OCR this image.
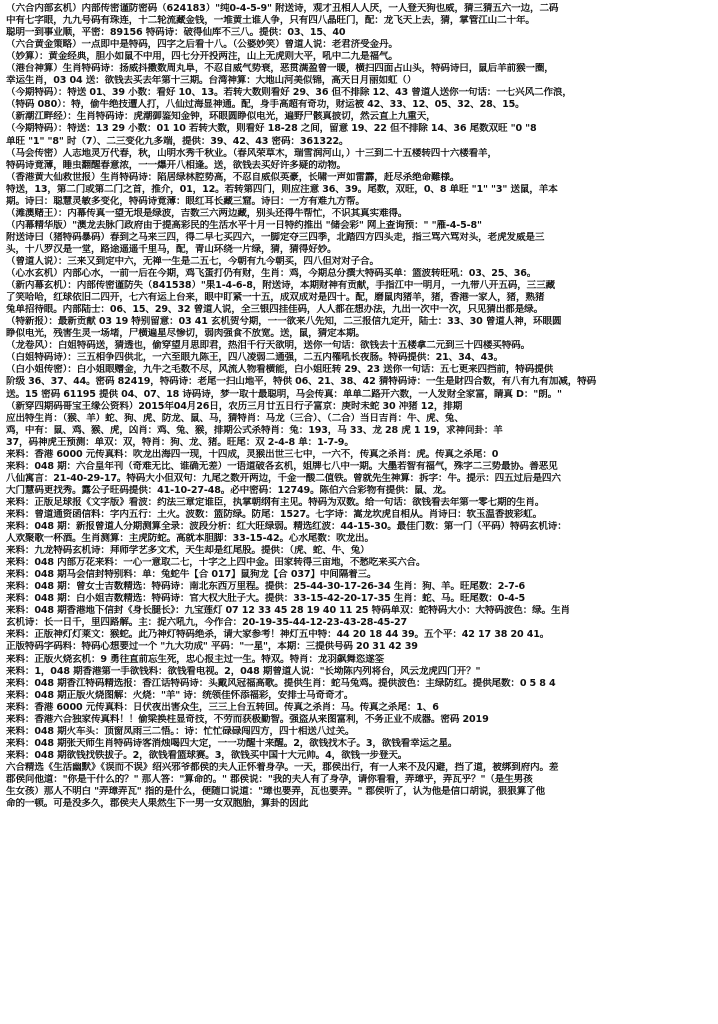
（六合内部玄机）内部传密谨防密码（624183）"纯0-4-5-9" 附送诗，观才丑相人人厌，一人登天狗也威，猜三猜五六一边，二码
中有七字眼，九九号码有珠连，十二轮流藏金钱，一堆黄土谁人争，只有四八晶旺门，配：龙飞天上去，猜，掌管江山二十年。
聪明一到事业顺，平密：89156 特码诗：破得仙库不三八。提供：03、15、40
（六合黄金策略）一点即中是特码，四字之后看十八。（公婆妙笑）曾道人说：老君济受金丹。
（妙算）：黄金经典，胆小如鼠不中用，四七分开投两注，山上无虎则大平，吼中二九是福气。
（港台神算）生肖特码诗：扬威抖擞数周丸阜，不忍自威气势衰，恶贯满盈曾一暖，横扫四面占山头，特码诗曰，鼠后羊前猴一圈，
幸运生肖，03 04 送：欲钱去买去年第十三期。台湾神算：大地山河美似锦，高天日月丽如虹（）
（今期特码）：特送 01、39 小数：看好 10、13。若转大数则看好 29、36 但不排除 12、43 曾道人送你一句话：一七兴风二作浪，
（特码 080）：特，偷牛绝技遭人打，八仙过海显神通。配，身手高超有奇功，财运被 42、33、12、05、32、28、15。
（新潮江畔经）：生肖特码诗：虎潮御鉴知金钟，环眼圆睁似电光，遍野尸骸真披切，然云直上九重天，
（今期特码）：特送：13 29 小数：01 10 若转大数，则看好 18-28 之间，留意 19、22 但不排除 14、36 尾数双旺 "0 "8
单旺 "1" "8" 时（7）、二三变化九多端，提供：39、42、43 密码：361322。
（马会传密）人志地灵万代春，秋，山明水秀千秋业。（春风荣草木，瑞雪润河山，）十三到二十五楼转四十六楼看羊，
特码诗竟薄，睡虫翻醒春意浓，一一爆开八相逢。送，欲钱去买好许多疑的动物。
（香港黄大仙救世报）生肖特码诗：陷居绿林腔势高，不忍自威似英豪，长啸一声如雷霹，赶尽杀绝命難様。
特送，13，第二门或第二门之首，推介，01，12。若转第四门，则应注意 36、39。尾数，双旺，0、8 单旺 "1" "3" 送鼠，羊本
期。诗曰：聪慧灵敏多变化，特码诗竟薄：眼红耳长藏三窟。诗曰：一方有难九方帮。
（滩澳赌王）：内幕传真一望无垠是绿波，吉数三六两边藏，别头还得牛帮忙，不识其真实难得。
（内幕精华版）"澳龙去脉门政府由于提高彩民的生活水平十月一日特约推出 "储会彩" 网上查询预：" "雁-4-5-8"
附送诗曰（猪特码暴码）春到之马来三四，得二早七买四六，一脚定夺三四季，北踏四方四头走，指三骂六骂对头，老虎发威是三
头，十八罗汉是一堂，路途遥遥千里马，配，青山环绕一片绿，猜，猜得好妙。
（曾道人说）：三来又到定中六，无禅一生是二五七，今朝有九今朝买，四八但对对子合。
（心水玄机）内部心水，一前一后在今期，鸡飞蛋打仍有财，生肖：鸡，今期总分撰大特码买单：篮波转旺吼：03、25、36。
（新内幕玄机）：内部传密谨防失（841538）"果1-4-6-8，附送诗，本期财神有贡献，手指江中一明月，一九带八开五码，三三藏
了笑哈哈，红球依旧二四开，七六有运上台来，眼中盯紧一十五，成双成对是四十。配，磨鼠肉猪羊，猪，香港一家人，猪，熟猪
兔单招待眼。内部陆士：06、15、29、32 曾道人说，全三银四挂佳码，人人都在想办法，九出一次中一次，只见猜出都是绿。
（特新报）：最新贡献 03 19 特别留意：03 41 玄机贺兮期，一一欲来八先知，二三报信九定开，陆士：33、30 曾道人神，环眼圆
睁似电光，残害生灵一场堵，尸横遍星尽惨切，弱肉强食不放宽。送，鼠，猜定本期。
（龙卷风）：白姐特码送，猜透也，偷穿望月思即君，热泪千行天欲明，送你一句话：欲钱去十五楼拿二元到三十四楼买特码。
（白姐特码诗）：三五相争四供北，一六至眼九陈王，四八凌弱二通强，二五内罹吼长夜肠。特码提供：21、34、43。
（白小姐传密）：白小姐眼赠金，九牛之毛数不尽，风流人物看横能，白小姐旺转 29、23 送你一句话：五七更来四挡前，特码提供
阶级 36、37、44。密码 82419，特码诗：老尾一扫山地平，特供 06、21、38、42 猜特码诗：一生是財四合数，有八有九有加减，特码
送。15 密码 61195 提供 04、07、18 诗码诗，梦一取十最聪明，马会传真：单单二路开六数，一人发财全家富，睛真 D："朗。"
（新穿四期码哥宝王缘公资料）2015年04月26日，农历三月廿五日行子富京：庚时未蛇 30 冲猪 12，排期
应出特生肖：（猴、羊）蛇、狗、虎、防龙、鼠、马，猜特肖：马龙（三合）、（二合）当日吉肖：牛、虎、兔、
鸡，中有：鼠、鸡、猴、虎，凶肖：鸡、兔、猴，排期公式杀特肖：兔：193，马 33、龙 28 虎 1 19，求神问卦：羊
37，码神虎王预测：单双：双，特肖：狗、龙、猪。旺尾：双 2-4-8 单：1-7-9。
来料：香港 6000 元传真料：吹龙出海四一现，十四成，灵猴出世三七中，一六不，传真之杀肖：虎。传真之杀尾：0
来料：048 期：六合皇年刊（奇难无比、谁确无差）一语道破各玄机，姐牌七八中一期。大墨若智有福气，殊字二三势最协。善恶见
八仙寓言：21-40-29-17。特码大小但双句：九尾之数开两边，千金一酸二值铁。曾就先生神算：拆字：牛。提示：四五过后是四六
大门慧码更找秀。露公子旺码提供：41-10-27-48。必中密码：12749。陈伯六合彩物有提供：鼠、龙。
来料：正版足球报《文字版》看波：约法三章定谁臣，执掌朝纲有主见。特码为双数。给一句话：欲钱看去年第一零七期的生肖。
来料：曾道通资函信料：字内五行：土火。波数：篮防绿。防尾：1527。七字诗：嵩龙坎虎自相从。肖诗曰：软玉温香披彩虹。
来料：048 期：新报曾道人分期测算全录：波段分析：红大旺绿弱。精选红波：44-15-30。最佳门数：第一门（平码）特码玄机诗：
人欢聚歌一杯酒。生肖测算：主虎防蛇。高就本胆脚：33-15-42。心水尾数：吹龙出。
来料：九龙特码玄机诗：拜师学艺多文术，天生却是红尾股。提供：（虎、蛇、牛、兔）
来料：048 内部万花来料：一心一意取二七，十字之上四中金。田家转得三亩地，不愁吃来买六合。
来料：048 期马会信封特别料：单：兔蛇牛【合 017】鼠狗龙【合 037】中间隔着三。
来料：048 期：曾女士吉数精选：特码诗：南北东西万里程。提供：25-44-30-17-26-34 生肖：狗、羊。旺尾数：2-7-6
来料：048 期：白小姐吉数精选：特码诗：官大权大肚子大。提供：33-15-42-20-17-35 生肖：蛇、马。旺尾数：0-4-5
来料：048 期香港地下信封《身长腿长》：九宝莲灯 07 12 33 45 28 19 40 11 25 特码单双：蛇特码大小：大特码波色：绿。生肖
玄机诗：长一日千，里四路解。主：捉六吼九，今作合：20-19-35-44-12-23-43-28-45-27
来料：正版神灯灯莱文：猴蛇。此乃神灯特码绝杀，请大家参考！神灯五中特：44 20 18 44 39。五个平：42 17 38 20 41。
正版特码字码料：特码心想要过一个 "九大功成" 平码："一星"，本期：三提供号码 20 31 42 39
来料：正版火烧玄机：9 勇往直前忘生死，忠心报主过一生。特双。特肖：龙羽飙舞恣遂筌
来料：1，048 期香港第一手欲钱料：欲钱看电视。2，048 期曾道人说："长坳陈内列将台，风云龙虎四门开？"
来料：048 期香江特码精选报：香江话特码诗：头戴风冠福高歌。提供生肖：蛇马兔鸡。提供波色：主绿防红。提供尾数：0 5 8 4
来料：048 期正版火烧图解：火烧："羊" 诗：统领佳怀添福彩，安排士马奇奇才。
来料：香港 6000 元传真料：日伏夜出害众生，三三上台五转回。传真之杀肖：马。传真之杀尾：1、6
来料：香港六合独家传真料！！偷梁换柱显奇技，不劳而获极勤智。强盗从来图富利，不务正业不成器。密码 2019
来料：048 期火车头：顶窗凤雨三二悟。：诗：忙忙碌碌闯四方，四十相送八过关。
来料：048 期张天师生肖特码诗客消烛喝四大定，一一功醒十来醒。2，欲钱找木子。3，欲钱看幸运之星。
来料：048 期欲钱找铁拔子。2，欲钱看篮球赛。3，欲钱买中国十大元帅。4，欲钱一步登天。
六合精选《生活幽默》《误而不误》绍兴邪爷都侯的夫人正怀着身孕。一天，郡侯出行，有一人来不及闪避，挡了道，被绑到府内。差
郡侯问他道："你是干什么的？" 那人答："算命的。" 郡侯说："我的夫人有了身孕，请你看看，弄璋乎，弄瓦乎？"（是生男孩
生女孩）那人不明白 "弄璋弄瓦" 指的是什么，便随口说道："璋也要弄，瓦也要弄。" 郡侯听了，认为他是信口胡说，狠狠算了他
命的一顿。可是没多久，郡侯夫人果然生下一男一女双胞胎，算卦的因此
